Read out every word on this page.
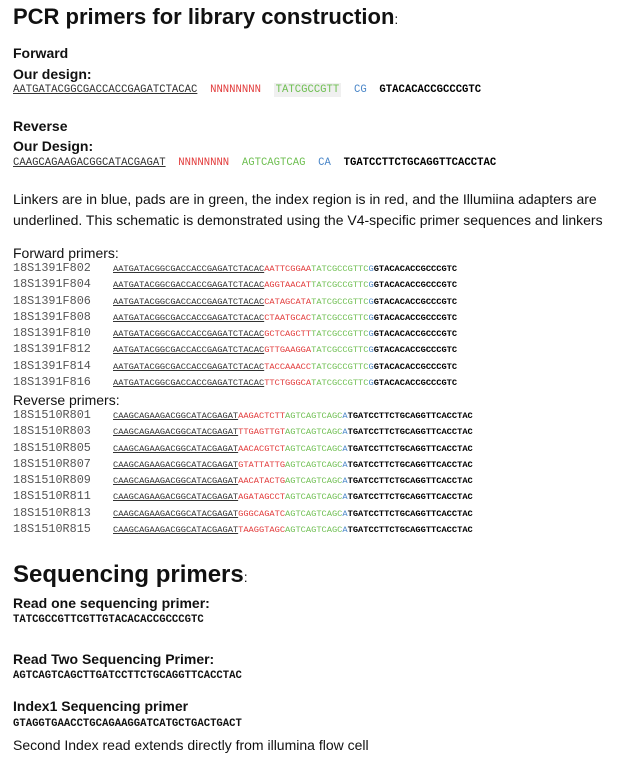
PCR primers for library construction:
Forward
Our design:
AATGATACGGCGACCACCGAGATCTACAC NNNNNNNN TATCGCCGTT CG GTACACACCGCCCGTC
Reverse
Our Design:
CAAGCAGAAGACGGCATACGAGAT NNNNNNNN AGTCAGTCAG CA TGATCCTTCTGCAGGTTCACCTAC
Linkers are in blue, pads are in green, the index region is in red, and the Illumiina adapters are underlined. This schematic is demonstrated using the V4-specific primer sequences and linkers
Forward primers:
18S1391F802	AATGATACGGCGACCACCGAGATCTACACAATTCGGAATATCGCCGTTCGGTACACACCGCCCGTC
18S1391F804	AATGATACGGCGACCACCGAGATCTACACAGGTAACATTATCGCCGTTCGGTACACACCGCCCGTC
18S1391F806	AATGATACGGCGACCACCGAGATCTACACCATAGCATATATCGCCGTTCGGTACACACCGCCCGTC
18S1391F808	AATGATACGGCGACCACCGAGATCTACACCTAATGCACTATCGCCGTTCGGTACACACCGCCCGTC
18S1391F810	AATGATACGGCGACCACCGAGATCTACACGCTCAGCTTTATCGCCGTTCGGTACACACCGCCCGTC
18S1391F812	AATGATACGGCGACCACCGAGATCTACACGTTGAAGGATATCGCCGTTCGGTACACACCGCCCGTC
18S1391F814	AATGATACGGCGACCACCGAGATCTACACTACCAAACCTATCGCCGTTCGGTACACACCGCCCGTC
18S1391F816	AATGATACGGCGACCACCGAGATCTACACTTCTGGGCATATCGCCGTTCGGTACACACCGCCCGTC
Reverse primers:
18S1510R801	CAAGCAGAAGACGGCATACGAGATAAGACTCTTAGTCAGTCAGCATGATCCTTCTGCAGGTTCACCTAC
18S1510R803	CAAGCAGAAGACGGCATACGAGATTTGAGTTGTAGTCAGTCAGCATGATCCTTCTGCAGGTTCACCTAC
18S1510R805	CAAGCAGAAGACGGCATACGAGATAACACGTCTAGTCAGTCAGCATGATCCTTCTGCAGGTTCACCTAC
18S1510R807	CAAGCAGAAGACGGCATACGAGATGTATTATTGAGTCAGTCAGCATGATCCTTCTGCAGGTTCACCTAC
18S1510R809	CAAGCAGAAGACGGCATACGAGATAACATACTGAGTCAGTCAGCATGATCCTTCTGCAGGTTCACCTAC
18S1510R811	CAAGCAGAAGACGGCATACGAGATAGATAGCCTAGTCAGTCAGCATGATCCTTCTGCAGGTTCACCTAC
18S1510R813	CAAGCAGAAGACGGCATACGAGATGGGCAGATCAGTCAGTCAGCATGATCCTTCTGCAGGTTCACCTAC
18S1510R815	CAAGCAGAAGACGGCATACGAGATTAAGGTAGCAGTCAGTCAGCATGATCCTTCTGCAGGTTCACCTAC
Sequencing primers:
Read one sequencing primer:
TATCGCCGTTCGTTGTACACACCGCCCGTC
Read Two Sequencing Primer:
AGTCAGTCAGCTTGATCCTTCTGCAGGTTCACCTAC
Index1 Sequencing primer
GTAGGTGAACCTGCAGAAGGATCATGCTGACTGACT
Second Index read extends directly from illumina flow cell
